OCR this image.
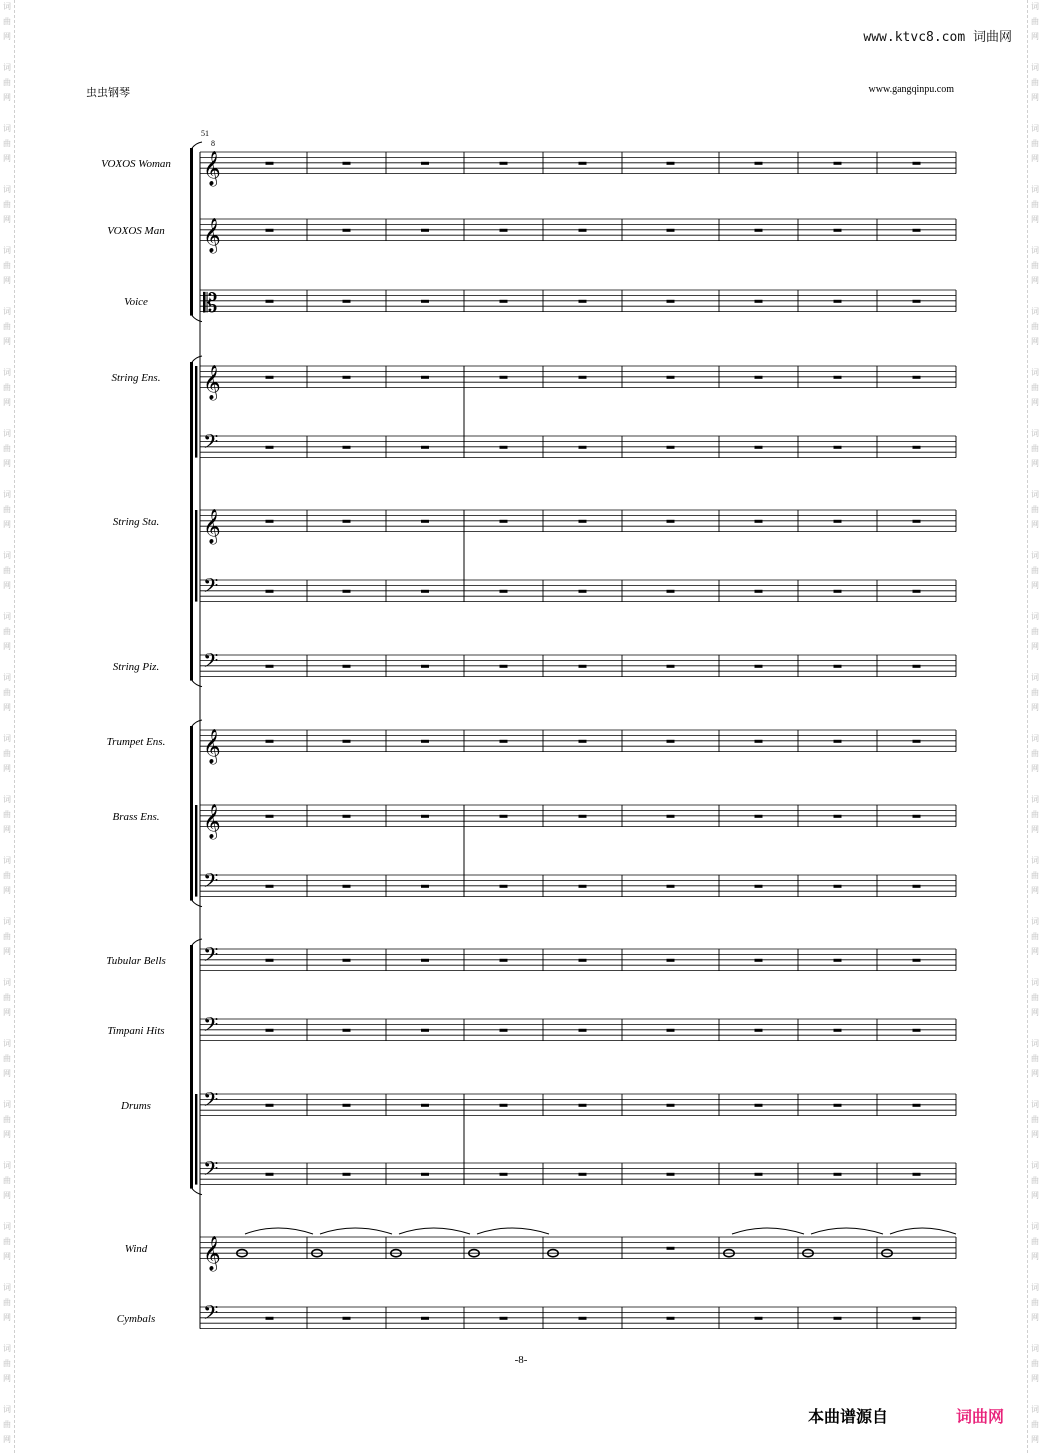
词
曲
网
词
曲
网
词
曲
网
词
曲
网
词
曲
网
词
曲
网
词
曲
网
词
曲
网
词
曲
网
词
曲
网
词
曲
网
词
曲
网
词
曲
网
词
曲
网
词
曲
网
词
曲
网
词
曲
网
词
曲
网
词
曲
网
词
曲
网
词
曲
网
词
曲
网
词
曲
网
词
曲
网
词
曲
网
词
曲
网
词
曲
网
词
曲
网
词
曲
网
词
曲
网
词
曲
网
词
曲
网
词
曲
网
词
曲
网
词
曲
网
词
曲
网
词
曲
网
词
曲
网
词
曲
网
词
曲
网
词
曲
网
词
曲
网
词
曲
网
词
曲
网
词
曲
网
词
曲
网
词
曲
网
词
曲
网
www.ktvc8.com 词曲网
虫虫钢琴	www.gangqinpu.com
51
VOXOS Woman 𝄞
8
VOXOS Man 𝄞
Voice 𝄡
String Ens. 𝄞
𝄢
String Sta. 𝄞
𝄢
String Piz. 𝄢
Trumpet Ens. 𝄞
Brass Ens. 𝄞
𝄢
Tubular Bells 𝄢
Timpani Hits 𝄢
Drums 𝄢
𝄢
Wind 𝄞
Cymbals 𝄢
-8-
本曲谱源自	词曲网
